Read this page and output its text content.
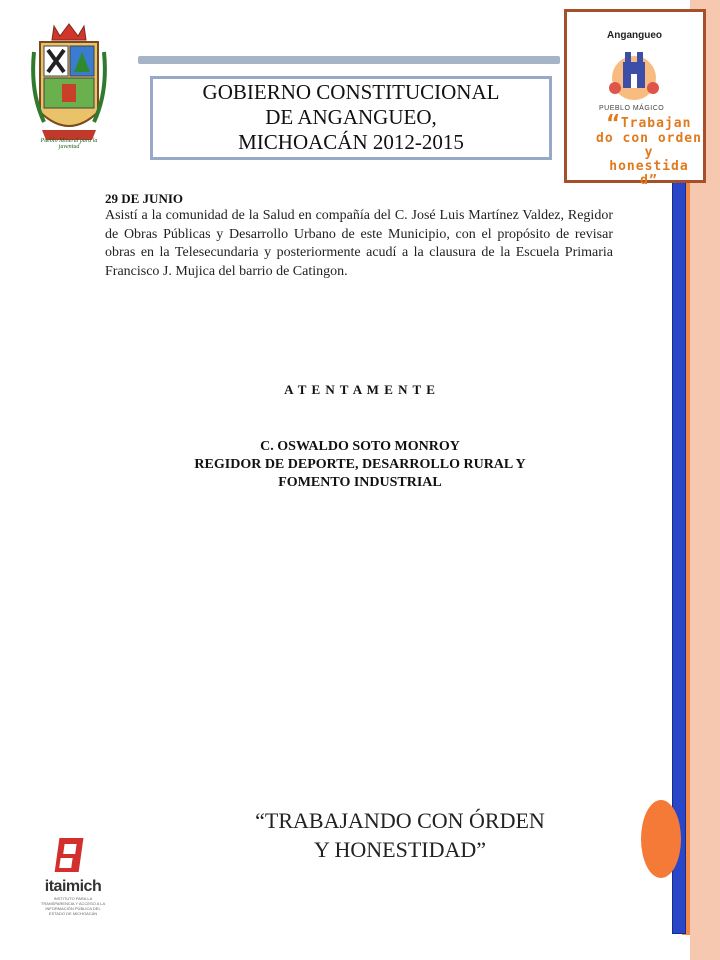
Pueblo Mineral para la juventud
GOBIERNO CONSTITUCIONAL
DE ANGANGUEO,
MICHOACÁN 2012-2015
Angangueo
PUEBLO MÁGICO
“Trabajan
do con orden
y
honestida
d”
29 DE JUNIO
Asistí a la comunidad de la Salud en compañía del C. José Luis Martínez Valdez, Regidor de Obras Públicas y Desarrollo Urbano de este Municipio, con el propósito de revisar obras en la Telesecundaria y posteriormente acudí a la clausura de la Escuela Primaria Francisco J. Mujica del barrio de Catingon.
A T E N T A M E N T E
C. OSWALDO SOTO MONROY
REGIDOR DE DEPORTE, DESARROLLO RURAL Y
FOMENTO INDUSTRIAL
“TRABAJANDO CON ÓRDEN
Y HONESTIDAD”
itaimich
INSTITUTO PARA LA TRANSPARENCIA Y ACCESO A LA INFORMACIÓN PÚBLICA DEL ESTADO DE MICHOACÁN
